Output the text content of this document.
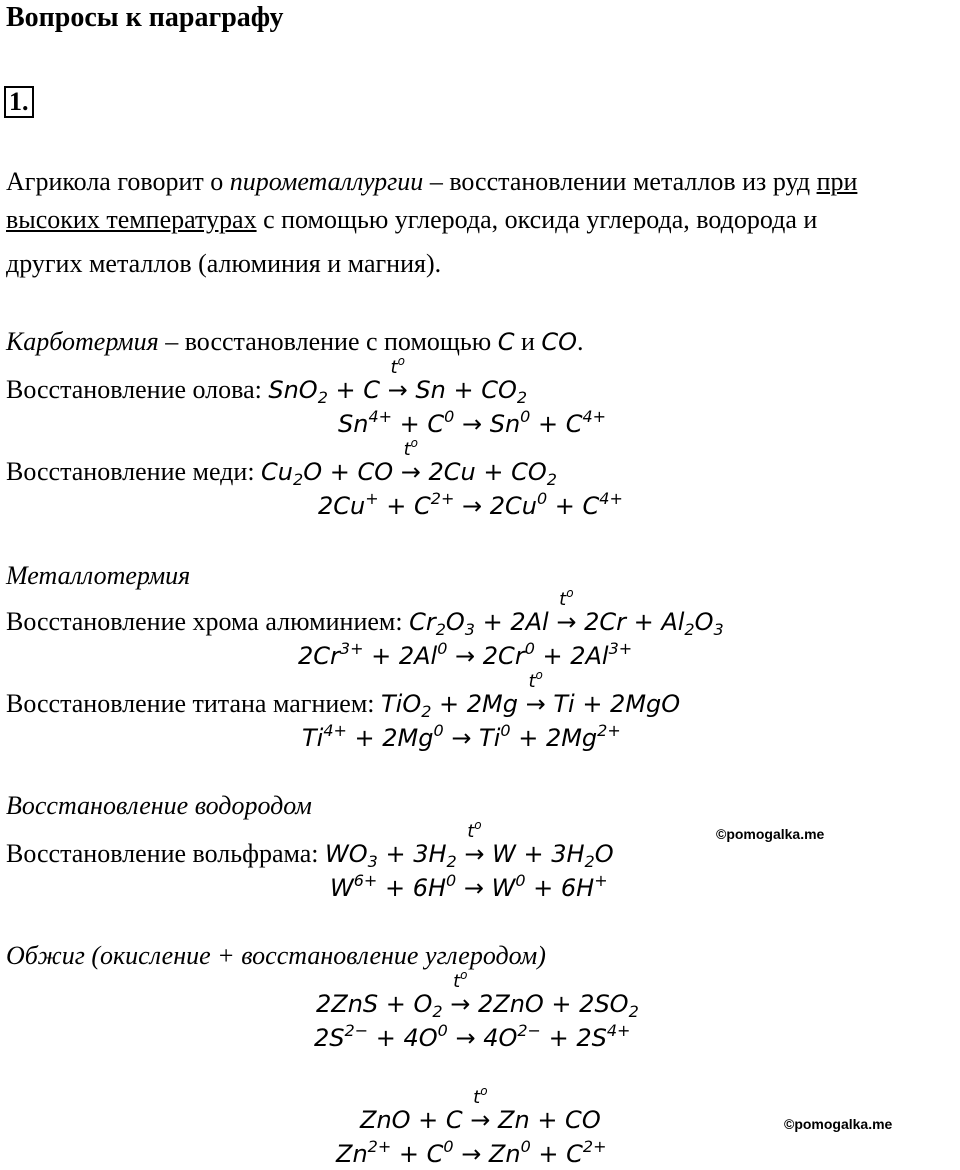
Вопросы к параграфу
1.
Агрикола говорит о пирометаллургии – восстановлении металлов из руд при
высоких температурах с помощью углерода, оксида углерода, водорода и
других металлов (алюминия и магния).
Карботермия – восстановление с помощью C и CO.
Восстановление олова: SnO$_2$ + C →
$t^o$
$Sn + CO_2$
$Sn^{4+} + C^0 \to Sn^0 + C^{4+}$
Восстановление меди: $Cu_2O$ + CO →
$t^o$
$2Cu + CO_2$
$2Cu^+ + C^{2+} \to 2Cu^0 + C^{4+}$
Металлотермия
Восстановление хрома алюминием: $Cr_2O_3 + 2Al$ →
$t^o$
$2Cr + Al_2O_3$
$2Cr^{3+} + 2Al^0 \to 2Cr^0 + 2Al^{3+}$
Восстановление титана магнием: TiO$_2$ + 2Mg →
$t^o$
Ti + 2MgO
$Ti^{4+} + 2Mg^0 \to Ti^0 + 2Mg^{2+}$
Восстановление водородом
©pomogalka.me
Восстановление вольфрама: $WO_3 + 3H_2$ →
$t^o$
$W + 3H_2O$
$W^{6+} + 6H^0 \to W^0 + 6H^+$
Обжиг (окисление + восстановление углеродом)
$2ZnS + O_2$ →
$t^o$
$2ZnO + 2SO_2$
$2S^{2-} + 4O^0 \to 4O^{2-} + 2S^{4+}$
ZnO + C →
$t^o$
Zn + CO	©pomogalka.me
$Zn^{2+} + C^0 \to Zn^0 + C^{2+}$
